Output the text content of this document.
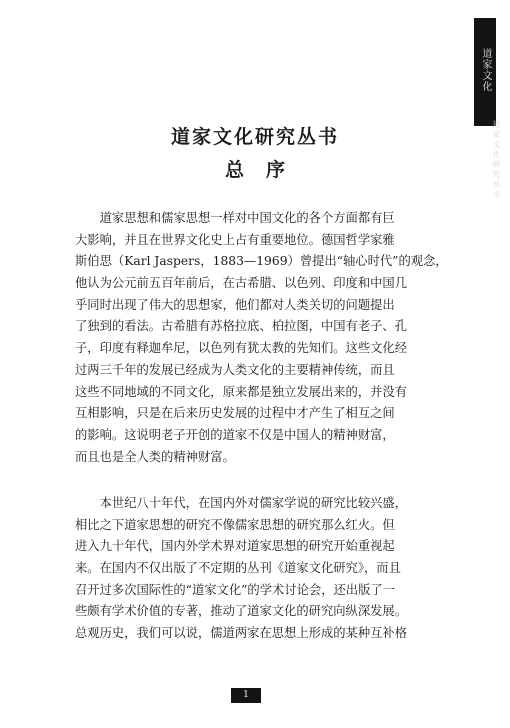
道家文化
道家文化研究丛书
道家文化研究丛书
总序
　　道家思想和儒家思想一样对中国文化的各个方面都有巨
大影响，并且在世界文化史上占有重要地位。德国哲学家雅
斯伯思（Karl Jaspers，1883—1969）曾提出“轴心时代”的观念，
他认为公元前五百年前后，在古希腊、以色列、印度和中国几
乎同时出现了伟大的思想家，他们都对人类关切的问题提出
了独到的看法。古希腊有苏格拉底、柏拉图，中国有老子、孔
子，印度有释迦牟尼，以色列有犹太教的先知们。这些文化经
过两三千年的发展已经成为人类文化的主要精神传统，而且
这些不同地域的不同文化，原来都是独立发展出来的，并没有
互相影响，只是在后来历史发展的过程中才产生了相互之间
的影响。这说明老子开创的道家不仅是中国人的精神财富，
而且也是全人类的精神财富。
　　本世纪八十年代，在国内外对儒家学说的研究比较兴盛，
相比之下道家思想的研究不像儒家思想的研究那么红火。但
进入九十年代，国内外学术界对道家思想的研究开始重视起
来。在国内不仅出版了不定期的丛刊《道家文化研究》，而且
召开过多次国际性的“道家文化”的学术讨论会，还出版了一
些颇有学术价值的专著，推动了道家文化的研究向纵深发展。
总观历史，我们可以说，儒道两家在思想上形成的某种互补格
1
